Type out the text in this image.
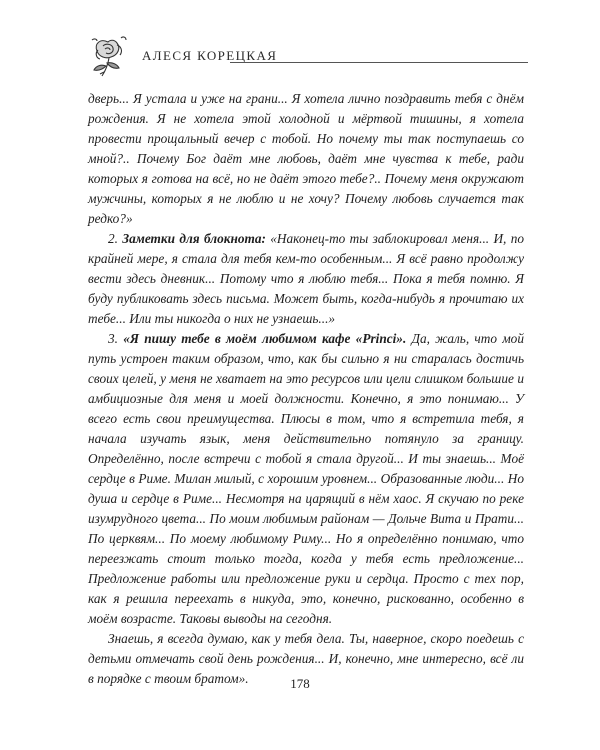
АЛЕСЯ КОРЕЦКАЯ

дверь... Я устала и уже на грани... Я хотела лично поздравить тебя с днём рождения. Я не хотела этой холодной и мёртвой тишины, я хотела провести прощальный вечер с тобой. Но почему ты так поступаешь со мной?.. Почему Бог даёт мне любовь, даёт мне чувства к тебе, ради которых я готова на всё, но не даёт этого тебе?.. Почему меня окружают мужчины, которых я не люблю и не хочу? Почему любовь случается так редко?»

2. Заметки для блокнота: «Наконец-то ты заблокировал меня... И, по крайней мере, я стала для тебя кем-то особенным... Я всё равно продолжу вести здесь дневник... Потому что я люблю тебя... Пока я тебя помню. Я буду публиковать здесь письма. Может быть, когда-нибудь я прочитаю их тебе... Или ты никогда о них не узнаешь...»

3. «Я пишу тебе в моём любимом кафе «Princi». Да, жаль, что мой путь устроен таким образом, что, как бы сильно я ни старалась достичь своих целей, у меня не хватает на это ресурсов или цели слишком большие и амбициозные для меня и моей должности. Конечно, я это понимаю... У всего есть свои преимущества. Плюсы в том, что я встретила тебя, я начала изучать язык, меня действительно потянуло за границу. Определённо, после встречи с тобой я стала другой... И ты знаешь... Моё сердце в Риме. Милан милый, с хорошим уровнем... Образованные люди... Но душа и сердце в Риме... Несмотря на царящий в нём хаос. Я скучаю по реке изумрудного цвета... По моим любимым районам — Дольче Вита и Прати... По церквям... По моему любимому Риму... Но я определённо понимаю, что переезжать стоит только тогда, когда у тебя есть предложение... Предложение работы или предложение руки и сердца. Просто с тех пор, как я решила переехать в никуда, это, конечно, рискованно, особенно в моём возрасте. Таковы выводы на сегодня.

Знаешь, я всегда думаю, как у тебя дела. Ты, наверное, скоро поедешь с детьми отмечать свой день рождения... И, конечно, мне интересно, всё ли в порядке с твоим братом».	178
